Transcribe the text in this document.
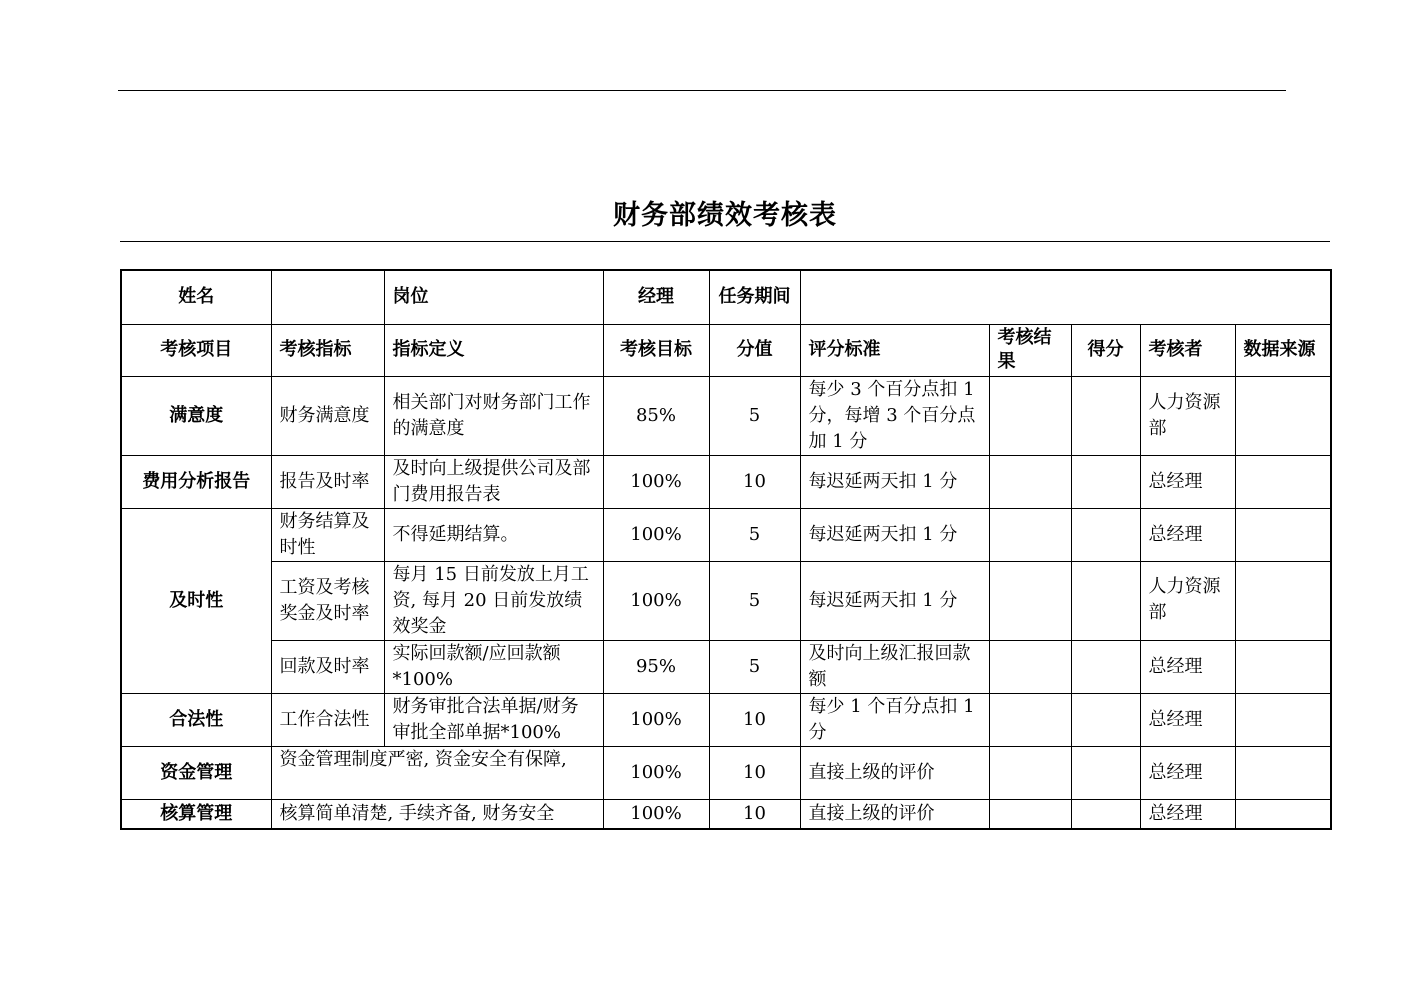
财务部绩效考核表
姓名		岗位	经理	任务期间					
考核项目	考核指标	指标定义	考核目标	分值	评分标准	考核结果	得分	考核者	数据来源
满意度	财务满意度	相关部门对财务部门工作的满意度	85%	5	每少 3 个百分点扣 1 分，每增 3 个百分点加 1 分			人力资源部	
费用分析报告	报告及时率	及时向上级提供公司及部门费用报告表	100%	10	每迟延两天扣 1 分			总经理	
及时性	财务结算及时性	不得延期结算。	100%	5	每迟延两天扣 1 分			总经理	
	工资及考核奖金及时率	每月 15 日前发放上月工资, 每月 20 日前发放绩效奖金	100%	5	每迟延两天扣 1 分			人力资源部	
	回款及时率	实际回款额/应回款额*100%	95%	5	及时向上级汇报回款额			总经理	
合法性	工作合法性	财务审批合法单据/财务审批全部单据*100%	100%	10	每少 1 个百分点扣 1 分			总经理	
资金管理	资金管理制度严密, 资金安全有保障,		100%	10	直接上级的评价			总经理	
核算管理	核算简单清楚, 手续齐备, 财务安全		100%	10	直接上级的评价			总经理	
